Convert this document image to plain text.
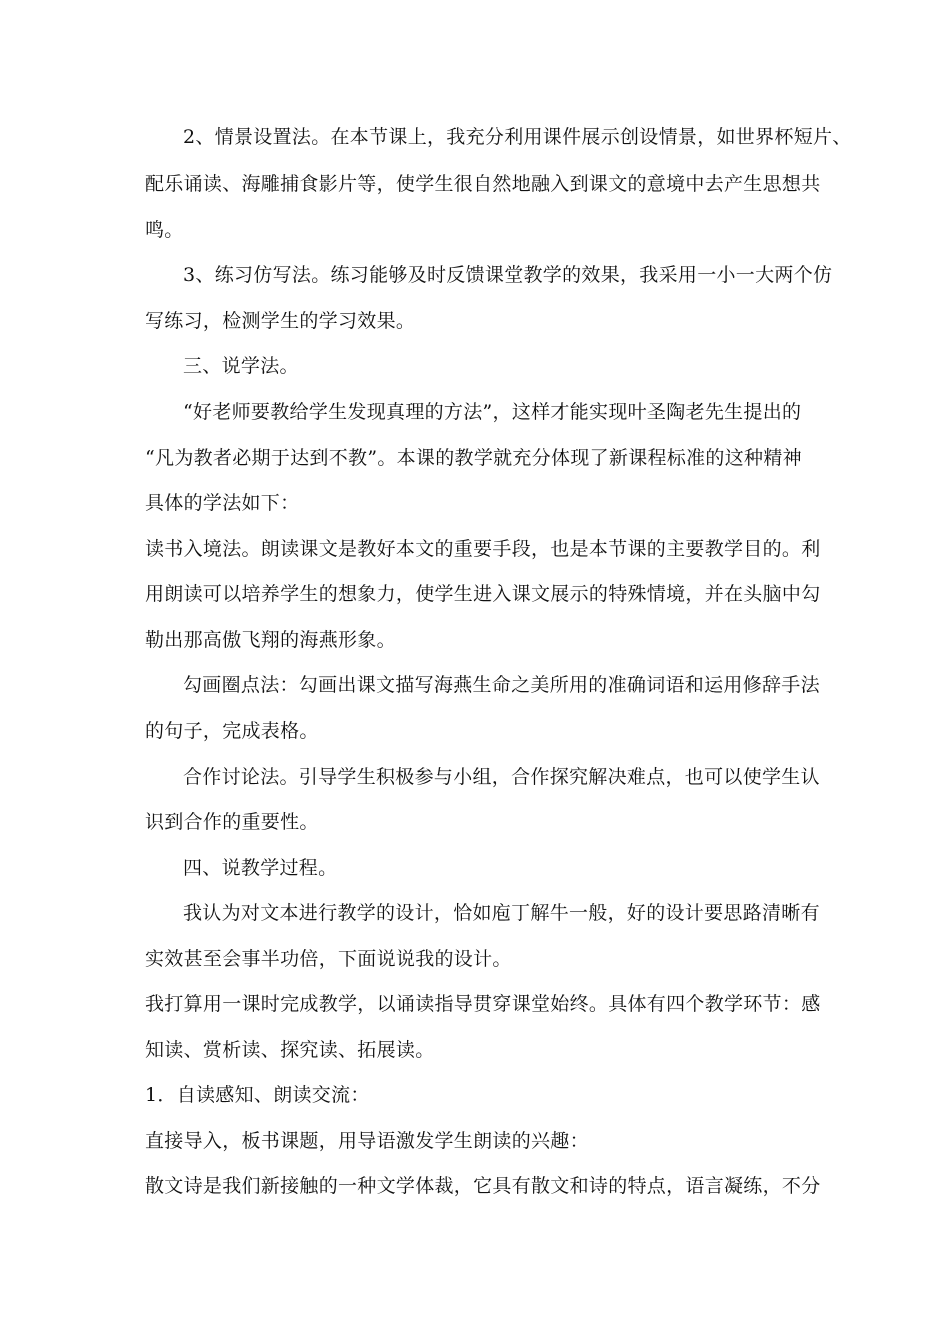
2、情景设置法。在本节课上，我充分利用课件展示创设情景，如世界杯短片、
配乐诵读、海雕捕食影片等，使学生很自然地融入到课文的意境中去产生思想共
鸣。
3、练习仿写法。练习能够及时反馈课堂教学的效果，我采用一小一大两个仿
写练习，检测学生的学习效果。
三、说学法。
“好老师要教给学生发现真理的方法”，这样才能实现叶圣陶老先生提出的
“凡为教者必期于达到不教”。本课的教学就充分体现了新课程标准的这种精神
具体的学法如下：
读书入境法。朗读课文是教好本文的重要手段，也是本节课的主要教学目的。利
用朗读可以培养学生的想象力，使学生进入课文展示的特殊情境，并在头脑中勾
勒出那高傲飞翔的海燕形象。
勾画圈点法：勾画出课文描写海燕生命之美所用的准确词语和运用修辞手法
的句子，完成表格。
合作讨论法。引导学生积极参与小组，合作探究解决难点，也可以使学生认
识到合作的重要性。
四、说教学过程。
我认为对文本进行教学的设计，恰如庖丁解牛一般，好的设计要思路清晰有
实效甚至会事半功倍，下面说说我的设计。
我打算用一课时完成教学，以诵读指导贯穿课堂始终。具体有四个教学环节：感
知读、赏析读、探究读、拓展读。
1．自读感知、朗读交流：
直接导入，板书课题，用导语激发学生朗读的兴趣：
散文诗是我们新接触的一种文学体裁，它具有散文和诗的特点，语言凝练，不分
